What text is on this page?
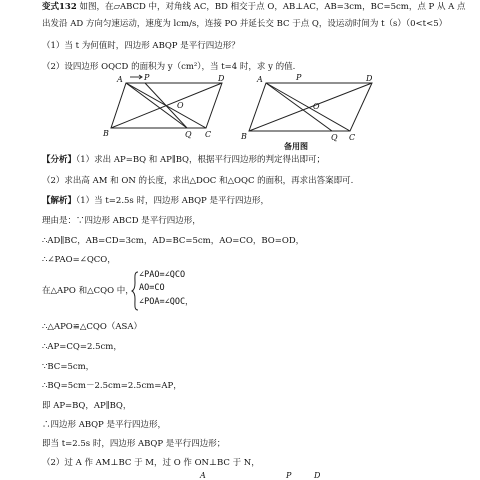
变式132 如图，在▱ABCD 中，对角线 AC，BD 相交于点 O，AB⊥AC，AB=3cm，BC=5cm，点 P 从 A 点
出发沿 AD 方向匀速运动，速度为 lcm/s，连接 PO 并延长交 BC 于点 Q，设运动时间为 t（s）（0<t<5）
（1）当 t 为何值时，四边形 ABQP 是平行四边形？
（2）设四边形 OQCD 的面积为 y（cm²），当 t=4 时，求 y 的值.
A	P	D
O
B	Q C
A	P	D
O
B	Q C
备用图
【分析】（1）求出 AP=BQ 和 AP∥BQ，根据平行四边形的判定得出即可；
（2）求出高 AM 和 ON 的长度，求出△DOC 和△OQC 的面积，再求出答案即可.
【解析】（1）当 t=2.5s 时，四边形 ABQP 是平行四边形，
理由是：∵四边形 ABCD 是平行四边形，
∴AD∥BC，AB=CD=3cm，AD=BC=5cm，AO=CO，BO=OD，
∴∠PAO=∠QCO，
在△APO 和△CQO 中，
∠PAO=∠QCO
AO=CO
∠POA=∠QOC，
∴△APO≌△CQO（ASA）
∴AP=CQ=2.5cm，
∵BC=5cm，
∴BQ=5cm－2.5cm=2.5cm=AP，
即 AP=BQ，AP∥BQ，
∴四边形 ABQP 是平行四边形，
即当 t=2.5s 时，四边形 ABQP 是平行四边形；
（2）过 A 作 AM⊥BC 于 M，过 O 作 ON⊥BC 于 N，
A	P	D
